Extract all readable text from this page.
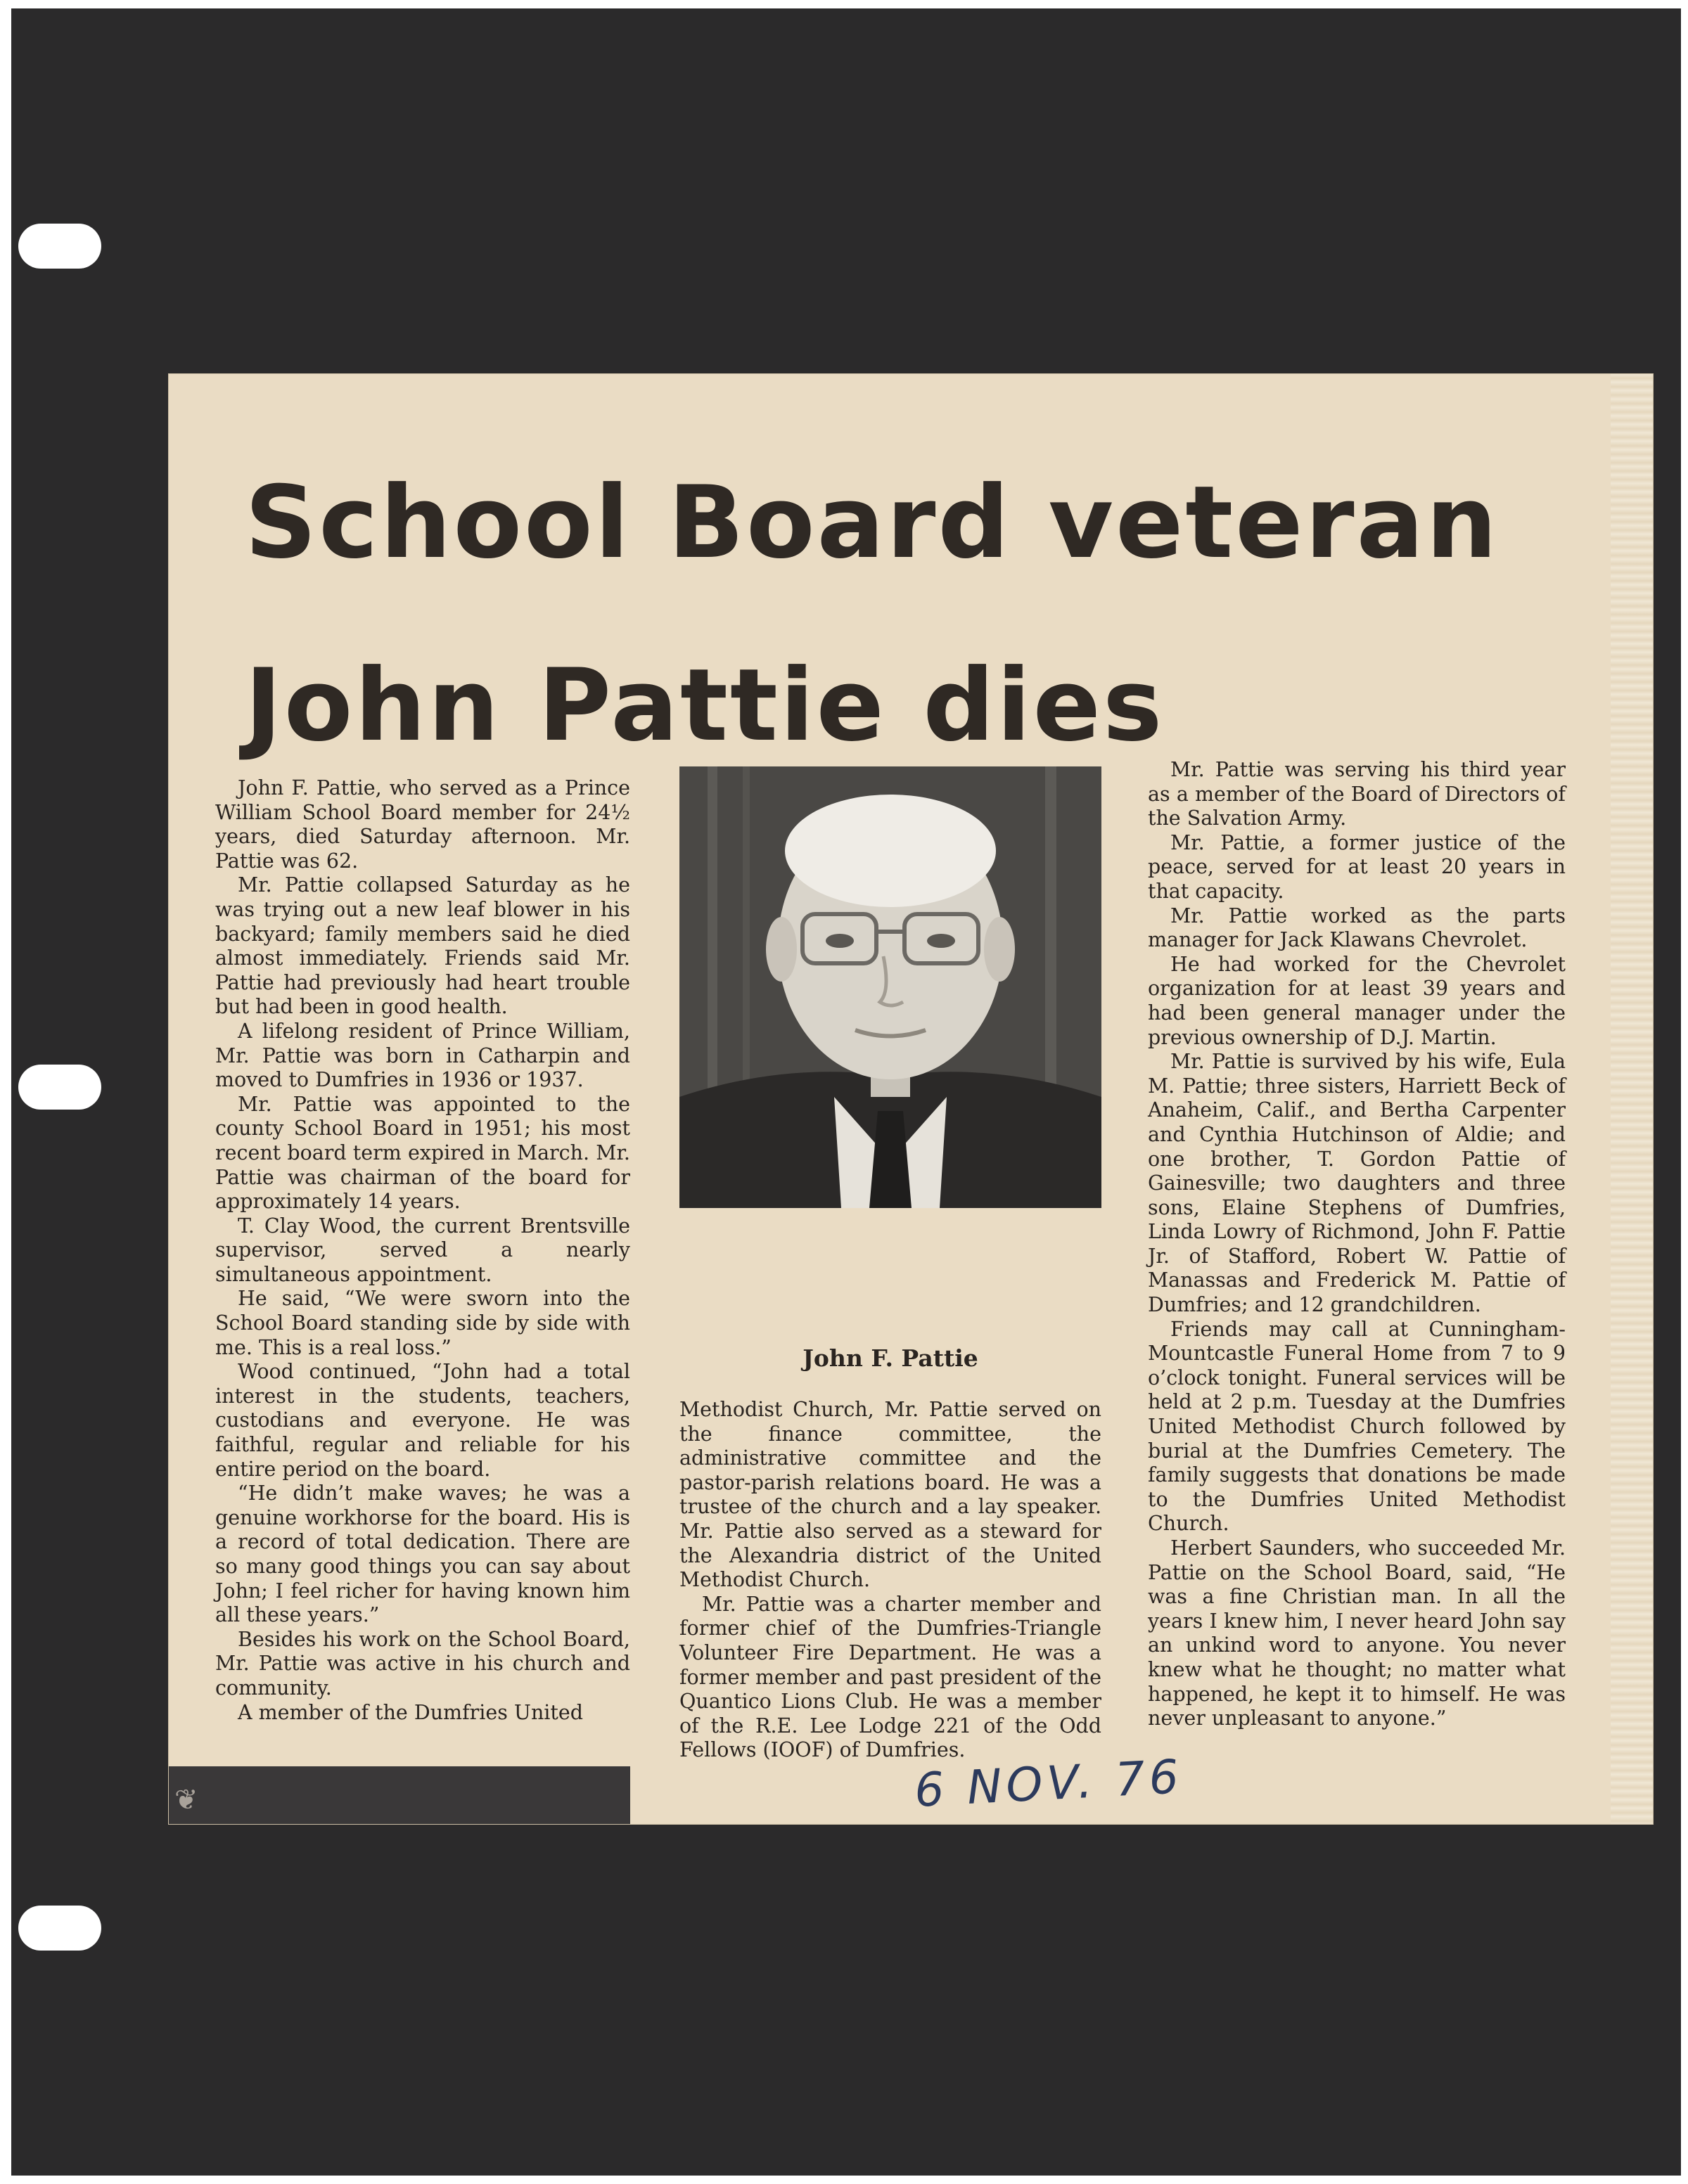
❦
School Board veteran
John Pattie dies

John F. Pattie, who served as a Prince William School Board member for 24½ years, died Saturday afternoon. Mr. Pattie was 62.

Mr. Pattie collapsed Saturday as he was trying out a new leaf blower in his backyard; family members said he died almost immediately. Friends said Mr. Pattie had previously had heart trouble but had been in good health.

A lifelong resident of Prince William, Mr. Pattie was born in Catharpin and moved to Dumfries in 1936 or 1937.

Mr. Pattie was appointed to the county School Board in 1951; his most recent board term expired in March. Mr. Pattie was chairman of the board for approximately 14 years.

T. Clay Wood, the current Brentsville supervisor, served a nearly simultaneous appointment.

He said, “We were sworn into the School Board standing side by side with me. This is a real loss.”

Wood continued, “John had a total interest in the students, teachers, custodians and everyone. He was faithful, regular and reliable for his entire period on the board.

“He didn’t make waves; he was a genuine workhorse for the board. His is a record of total dedication. There are so many good things you can say about John; I feel richer for having known him all these years.”

Besides his work on the School Board, Mr. Pattie was active in his church and community.

A member of the Dumfries United

John F. Pattie

Methodist Church, Mr. Pattie served on the finance committee, the administrative committee and the pastor-parish relations board. He was a trustee of the church and a lay speaker. Mr. Pattie also served as a steward for the Alexandria district of the United Methodist Church.

Mr. Pattie was a charter member and former chief of the Dumfries-Triangle Volunteer Fire Department. He was a former member and past president of the Quantico Lions Club. He was a member of the R.E. Lee Lodge 221 of the Odd Fellows (IOOF) of Dumfries.

Mr. Pattie was serving his third year as a member of the Board of Directors of the Salvation Army.

Mr. Pattie, a former justice of the peace, served for at least 20 years in that capacity.

Mr. Pattie worked as the parts manager for Jack Klawans Chevrolet.

He had worked for the Chevrolet organization for at least 39 years and had been general manager under the previous ownership of D.J. Martin.

Mr. Pattie is survived by his wife, Eula M. Pattie; three sisters, Harriett Beck of Anaheim, Calif., and Bertha Carpenter and Cynthia Hutchinson of Aldie; and one brother, T. Gordon Pattie of Gainesville; two daughters and three sons, Elaine Stephens of Dumfries, Linda Lowry of Richmond, John F. Pattie Jr. of Stafford, Robert W. Pattie of Manassas and Frederick M. Pattie of Dumfries; and 12 grandchildren.

Friends may call at Cunningham-Mountcastle Funeral Home from 7 to 9 o’clock tonight. Funeral services will be held at 2 p.m. Tuesday at the Dumfries United Methodist Church followed by burial at the Dumfries Cemetery. The family suggests that donations be made to the Dumfries United Methodist Church.

Herbert Saunders, who succeeded Mr. Pattie on the School Board, said, “He was a fine Christian man. In all the years I knew him, I never heard John say an unkind word to anyone. You never knew what he thought; no matter what happened, he kept it to himself. He was never unpleasant to anyone.”

6 NOV. 76
